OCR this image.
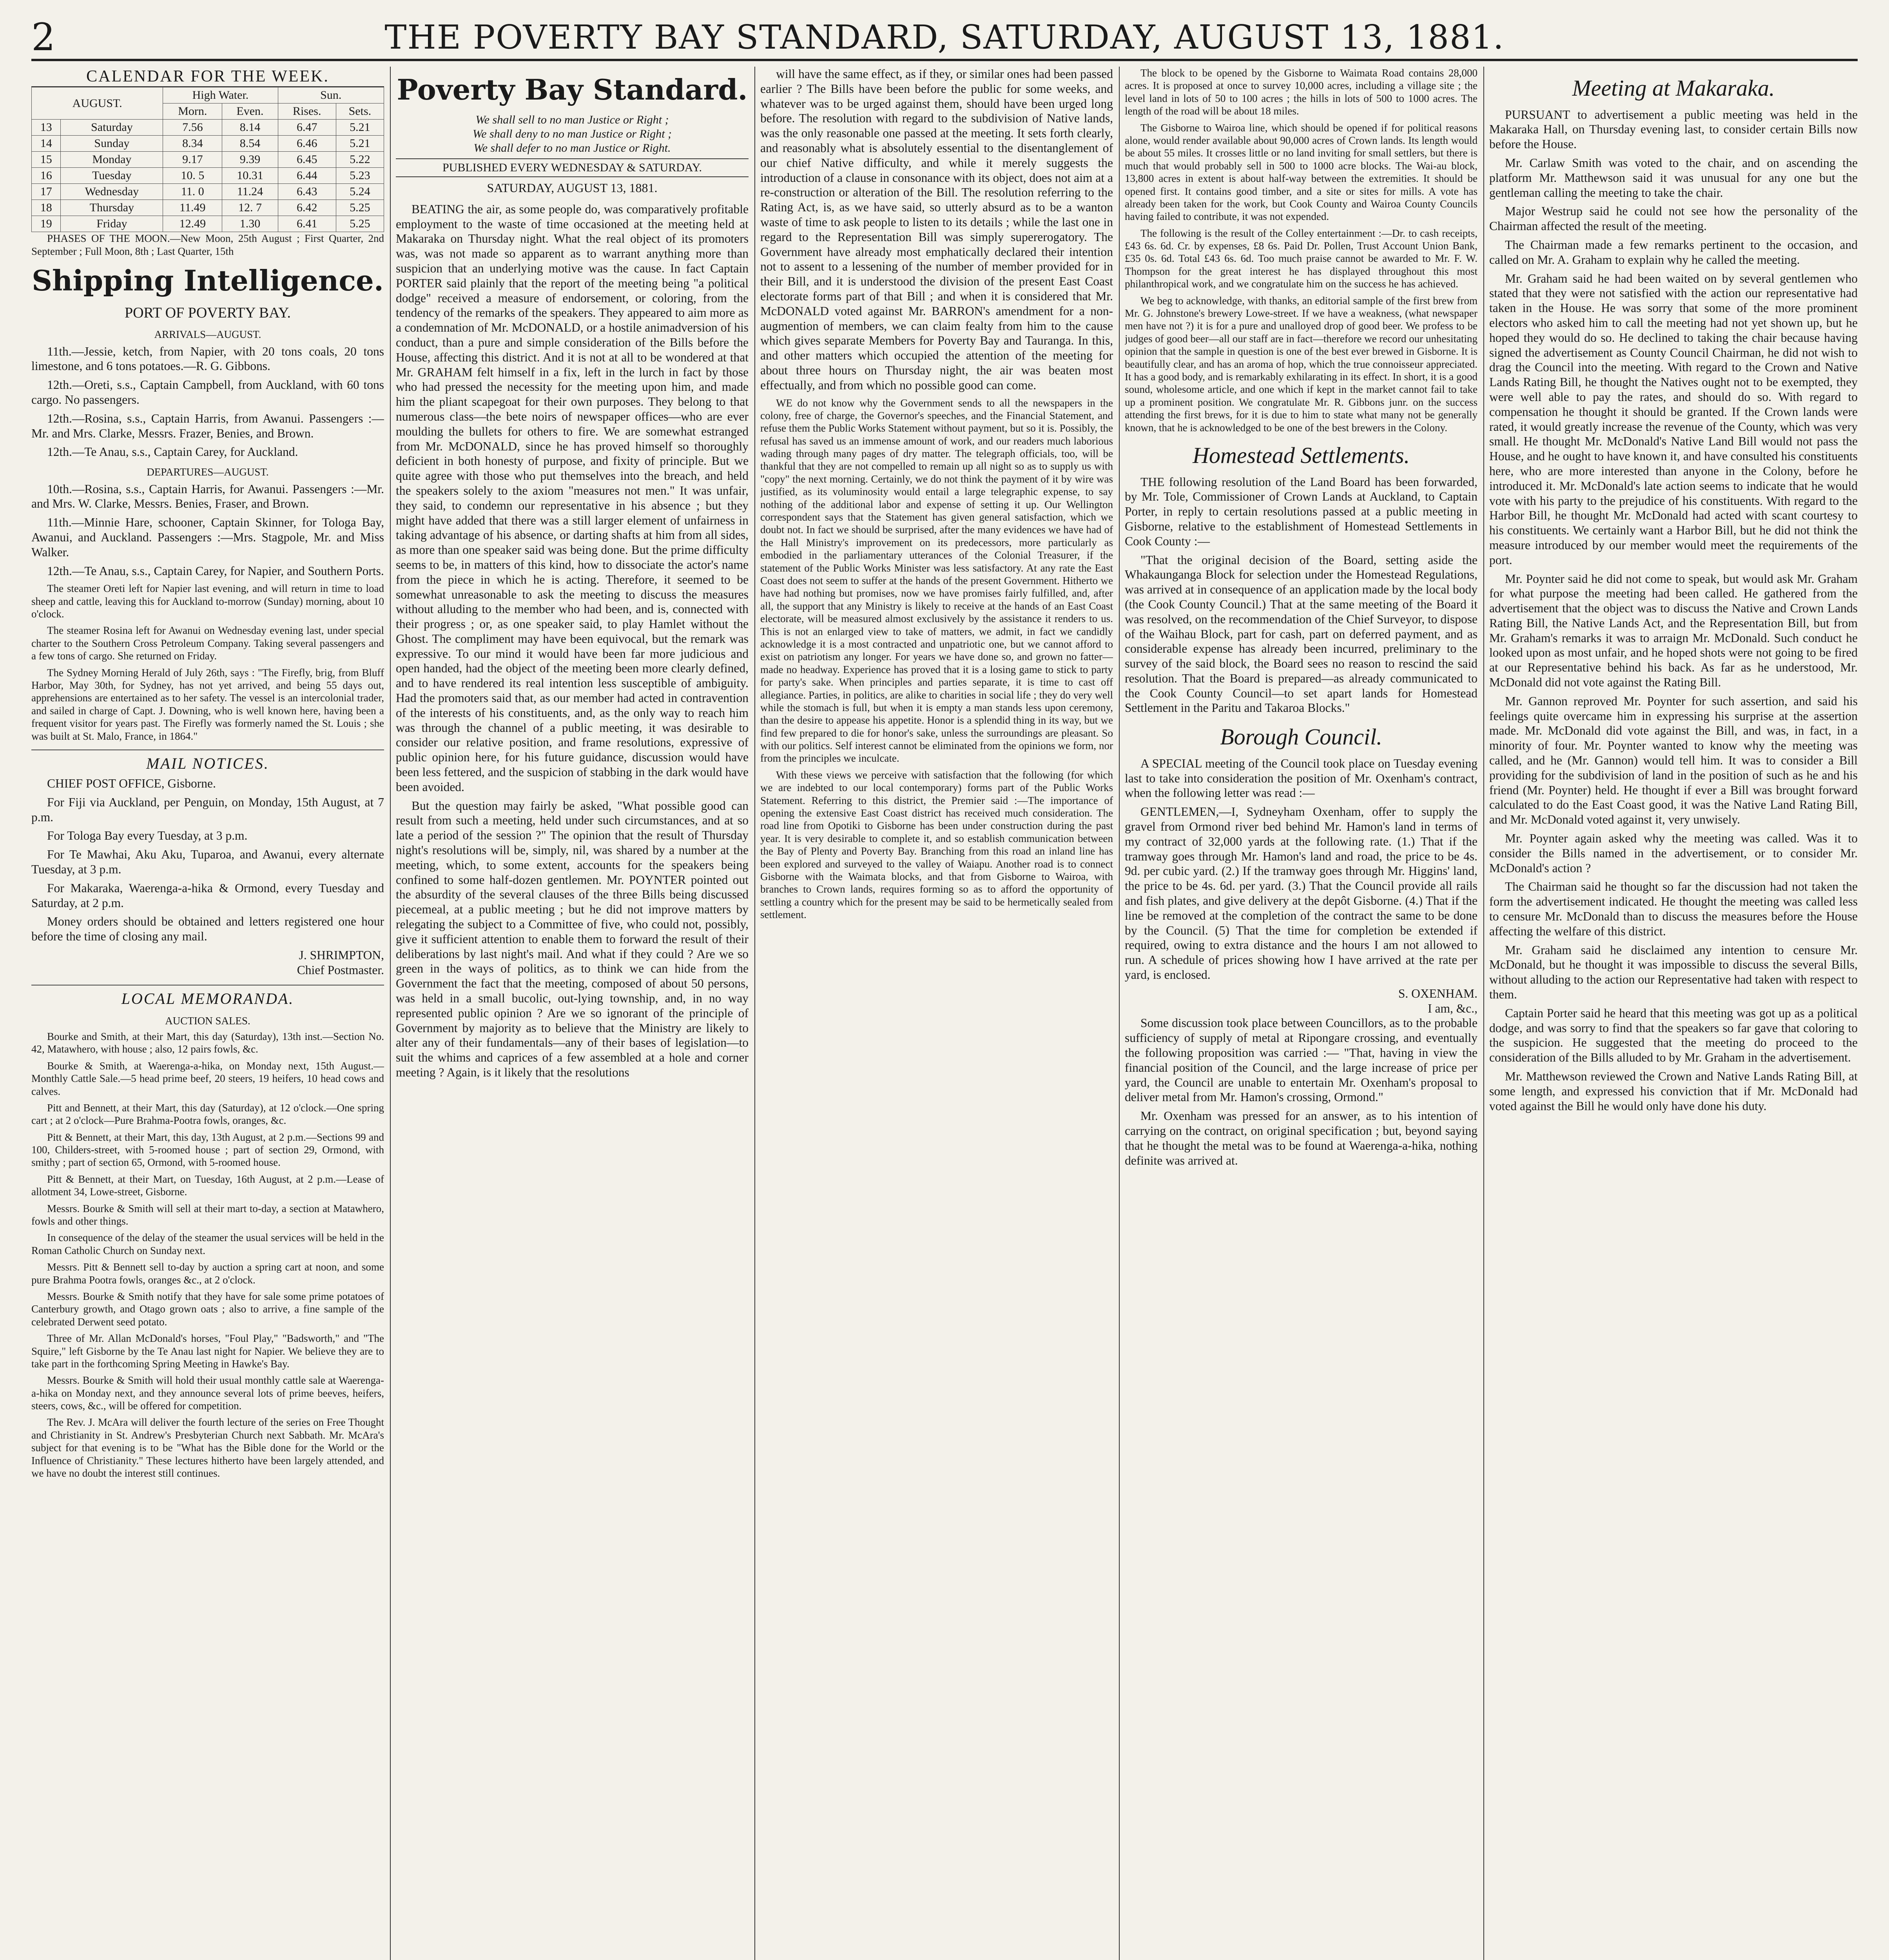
2	THE POVERTY BAY STANDARD, SATURDAY, AUGUST 13, 1881.
CALENDAR FOR THE WEEK.
AUGUST.		High Water.		Sun.	
		Morn.	Even.	Rises.	Sets.
13	Saturday	7.56	8.14	6.47	5.21
14	Sunday	8.34	8.54	6.46	5.21
15	Monday	9.17	9.39	6.45	5.22
16	Tuesday	10. 5	10.31	6.44	5.23
17	Wednesday	11. 0	11.24	6.43	5.24
18	Thursday	11.49	12. 7	6.42	5.25
19	Friday	12.49	1.30	6.41	5.25

PHASES OF THE MOON.—New Moon, 25th August ; First Quarter, 2nd September ; Full Moon, 8th ; Last Quarter, 15th

Shipping Intelligence.
PORT OF POVERTY BAY.
ARRIVALS—AUGUST.

11th.—Jessie, ketch, from Napier, with 20 tons coals, 20 tons limestone, and 6 tons potatoes.—R. G. Gibbons.

12th.—Oreti, s.s., Captain Campbell, from Auckland, with 60 tons cargo. No passengers.

12th.—Rosina, s.s., Captain Harris, from Awanui. Passengers :—Mr. and Mrs. Clarke, Messrs. Frazer, Benies, and Brown.

12th.—Te Anau, s.s., Captain Carey, for Auckland.

DEPARTURES—AUGUST.

10th.—Rosina, s.s., Captain Harris, for Awanui. Passengers :—Mr. and Mrs. W. Clarke, Messrs. Benies, Fraser, and Brown.

11th.—Minnie Hare, schooner, Captain Skinner, for Tologa Bay, Awanui, and Auckland. Passengers :—Mrs. Stagpole, Mr. and Miss Walker.

12th.—Te Anau, s.s., Captain Carey, for Napier, and Southern Ports.

The steamer Oreti left for Napier last evening, and will return in time to load sheep and cattle, leaving this for Auckland to-morrow (Sunday) morning, about 10 o'clock.

The steamer Rosina left for Awanui on Wednesday evening last, under special charter to the Southern Cross Petroleum Company. Taking several passengers and a few tons of cargo. She returned on Friday.

The Sydney Morning Herald of July 26th, says : "The Firefly, brig, from Bluff Harbor, May 30th, for Sydney, has not yet arrived, and being 55 days out, apprehensions are entertained as to her safety. The vessel is an intercolonial trader, and sailed in charge of Capt. J. Downing, who is well known here, having been a frequent visitor for years past. The Firefly was formerly named the St. Louis ; she was built at St. Malo, France, in 1864."

MAIL NOTICES.

CHIEF POST OFFICE, Gisborne.

For Fiji via Auckland, per Penguin, on Monday, 15th August, at 7 p.m.

For Tologa Bay every Tuesday, at 3 p.m.

For Te Mawhai, Aku Aku, Tuparoa, and Awanui, every alternate Tuesday, at 3 p.m.

For Makaraka, Waerenga-a-hika & Ormond, every Tuesday and Saturday, at 2 p.m.

Money orders should be obtained and letters registered one hour before the time of closing any mail.

J. SHRIMPTON,
Chief Postmaster.
LOCAL MEMORANDA.
AUCTION SALES.

Bourke and Smith, at their Mart, this day (Saturday), 13th inst.—Section No. 42, Matawhero, with house ; also, 12 pairs fowls, &c.

Bourke & Smith, at Waerenga-a-hika, on Monday next, 15th August.—Monthly Cattle Sale.—5 head prime beef, 20 steers, 19 heifers, 10 head cows and calves.

Pitt and Bennett, at their Mart, this day (Saturday), at 12 o'clock.—One spring cart ; at 2 o'clock—Pure Brahma-Pootra fowls, oranges, &c.

Pitt & Bennett, at their Mart, this day, 13th August, at 2 p.m.—Sections 99 and 100, Childers-street, with 5-roomed house ; part of section 29, Ormond, with smithy ; part of section 65, Ormond, with 5-roomed house.

Pitt & Bennett, at their Mart, on Tuesday, 16th August, at 2 p.m.—Lease of allotment 34, Lowe-street, Gisborne.

Messrs. Bourke & Smith will sell at their mart to-day, a section at Matawhero, fowls and other things.

In consequence of the delay of the steamer the usual services will be held in the Roman Catholic Church on Sunday next.

Messrs. Pitt & Bennett sell to-day by auction a spring cart at noon, and some pure Brahma Pootra fowls, oranges &c., at 2 o'clock.

Messrs. Bourke & Smith notify that they have for sale some prime potatoes of Canterbury growth, and Otago grown oats ; also to arrive, a fine sample of the celebrated Derwent seed potato.

Three of Mr. Allan McDonald's horses, "Foul Play," "Badsworth," and "The Squire," left Gisborne by the Te Anau last night for Napier. We believe they are to take part in the forthcoming Spring Meeting in Hawke's Bay.

Messrs. Bourke & Smith will hold their usual monthly cattle sale at Waerenga-a-hika on Monday next, and they announce several lots of prime beeves, heifers, steers, cows, &c., will be offered for competition.

The Rev. J. McAra will deliver the fourth lecture of the series on Free Thought and Christianity in St. Andrew's Presbyterian Church next Sabbath. Mr. McAra's subject for that evening is to be "What has the Bible done for the World or the Influence of Christianity." These lectures hitherto have been largely attended, and we have no doubt the interest still continues.

Poverty Bay Standard.
We shall sell to no man Justice or Right ;
We shall deny to no man Justice or Right ;
We shall defer to no man Justice or Right.
PUBLISHED EVERY WEDNESDAY & SATURDAY.
SATURDAY, AUGUST 13, 1881.

BEATING the air, as some people do, was comparatively profitable employment to the waste of time occasioned at the meeting held at Makaraka on Thursday night. What the real object of its promoters was, was not made so apparent as to warrant anything more than suspicion that an underlying motive was the cause. In fact Captain PORTER said plainly that the report of the meeting being "a political dodge" received a measure of endorsement, or coloring, from the tendency of the remarks of the speakers. They appeared to aim more as a condemnation of Mr. McDONALD, or a hostile animadversion of his conduct, than a pure and simple consideration of the Bills before the House, affecting this district. And it is not at all to be wondered at that Mr. GRAHAM felt himself in a fix, left in the lurch in fact by those who had pressed the necessity for the meeting upon him, and made him the pliant scapegoat for their own purposes. They belong to that numerous class—the bete noirs of newspaper offices—who are ever moulding the bullets for others to fire. We are somewhat estranged from Mr. McDONALD, since he has proved himself so thoroughly deficient in both honesty of purpose, and fixity of principle. But we quite agree with those who put themselves into the breach, and held the speakers solely to the axiom "measures not men." It was unfair, they said, to condemn our representative in his absence ; but they might have added that there was a still larger element of unfairness in taking advantage of his absence, or darting shafts at him from all sides, as more than one speaker said was being done. But the prime difficulty seems to be, in matters of this kind, how to dissociate the actor's name from the piece in which he is acting. Therefore, it seemed to be somewhat unreasonable to ask the meeting to discuss the measures without alluding to the member who had been, and is, connected with their progress ; or, as one speaker said, to play Hamlet without the Ghost. The compliment may have been equivocal, but the remark was expressive. To our mind it would have been far more judicious and open handed, had the object of the meeting been more clearly defined, and to have rendered its real intention less susceptible of ambiguity. Had the promoters said that, as our member had acted in contravention of the interests of his constituents, and, as the only way to reach him was through the channel of a public meeting, it was desirable to consider our relative position, and frame resolutions, expressive of public opinion here, for his future guidance, discussion would have been less fettered, and the suspicion of stabbing in the dark would have been avoided.

But the question may fairly be asked, "What possible good can result from such a meeting, held under such circumstances, and at so late a period of the session ?" The opinion that the result of Thursday night's resolutions will be, simply, nil, was shared by a number at the meeting, which, to some extent, accounts for the speakers being confined to some half-dozen gentlemen. Mr. POYNTER pointed out the absurdity of the several clauses of the three Bills being discussed piecemeal, at a public meeting ; but he did not improve matters by relegating the subject to a Committee of five, who could not, possibly, give it sufficient attention to enable them to forward the result of their deliberations by last night's mail. And what if they could ? Are we so green in the ways of politics, as to think we can hide from the Government the fact that the meeting, composed of about 50 persons, was held in a small bucolic, out-lying township, and, in no way represented public opinion ? Are we so ignorant of the principle of Government by majority as to believe that the Ministry are likely to alter any of their fundamentals—any of their bases of legislation—to suit the whims and caprices of a few assembled at a hole and corner meeting ? Again, is it likely that the resolutions

will have the same effect, as if they, or similar ones had been passed earlier ? The Bills have been before the public for some weeks, and whatever was to be urged against them, should have been urged long before. The resolution with regard to the subdivision of Native lands, was the only reasonable one passed at the meeting. It sets forth clearly, and reasonably what is absolutely essential to the disentanglement of our chief Native difficulty, and while it merely suggests the introduction of a clause in consonance with its object, does not aim at a re-construction or alteration of the Bill. The resolution referring to the Rating Act, is, as we have said, so utterly absurd as to be a wanton waste of time to ask people to listen to its details ; while the last one in regard to the Representation Bill was simply supererogatory. The Government have already most emphatically declared their intention not to assent to a lessening of the number of member provided for in their Bill, and it is understood the division of the present East Coast electorate forms part of that Bill ; and when it is considered that Mr. McDONALD voted against Mr. BARRON's amendment for a non-augmention of members, we can claim fealty from him to the cause which gives separate Members for Poverty Bay and Tauranga. In this, and other matters which occupied the attention of the meeting for about three hours on Thursday night, the air was beaten most effectually, and from which no possible good can come.

WE do not know why the Government sends to all the newspapers in the colony, free of charge, the Governor's speeches, and the Financial Statement, and refuse them the Public Works Statement without payment, but so it is. Possibly, the refusal has saved us an immense amount of work, and our readers much laborious wading through many pages of dry matter. The telegraph officials, too, will be thankful that they are not compelled to remain up all night so as to supply us with "copy" the next morning. Certainly, we do not think the payment of it by wire was justified, as its voluminosity would entail a large telegraphic expense, to say nothing of the additional labor and expense of setting it up. Our Wellington correspondent says that the Statement has given general satisfaction, which we doubt not. In fact we should be surprised, after the many evidences we have had of the Hall Ministry's improvement on its predecessors, more particularly as embodied in the parliamentary utterances of the Colonial Treasurer, if the statement of the Public Works Minister was less satisfactory. At any rate the East Coast does not seem to suffer at the hands of the present Government. Hitherto we have had nothing but promises, now we have promises fairly fulfilled, and, after all, the support that any Ministry is likely to receive at the hands of an East Coast electorate, will be measured almost exclusively by the assistance it renders to us. This is not an enlarged view to take of matters, we admit, in fact we candidly acknowledge it is a most contracted and unpatriotic one, but we cannot afford to exist on patriotism any longer. For years we have done so, and grown no fatter—made no headway. Experience has proved that it is a losing game to stick to party for party's sake. When principles and parties separate, it is time to cast off allegiance. Parties, in politics, are alike to charities in social life ; they do very well while the stomach is full, but when it is empty a man stands less upon ceremony, than the desire to appease his appetite. Honor is a splendid thing in its way, but we find few prepared to die for honor's sake, unless the surroundings are pleasant. So with our politics. Self interest cannot be eliminated from the opinions we form, nor from the principles we inculcate.

With these views we perceive with satisfaction that the following (for which we are indebted to our local contemporary) forms part of the Public Works Statement. Referring to this district, the Premier said :—The importance of opening the extensive East Coast district has received much consideration. The road line from Opotiki to Gisborne has been under construction during the past year. It is very desirable to complete it, and so establish communication between the Bay of Plenty and Poverty Bay. Branching from this road an inland line has been explored and surveyed to the valley of Waiapu. Another road is to connect Gisborne with the Waimata blocks, and that from Gisborne to Wairoa, with branches to Crown lands, requires forming so as to afford the opportunity of settling a country which for the present may be said to be hermetically sealed from settlement.

The block to be opened by the Gisborne to Waimata Road contains 28,000 acres. It is proposed at once to survey 10,000 acres, including a village site ; the level land in lots of 50 to 100 acres ; the hills in lots of 500 to 1000 acres. The length of the road will be about 18 miles.

The Gisborne to Wairoa line, which should be opened if for political reasons alone, would render available about 90,000 acres of Crown lands. Its length would be about 55 miles. It crosses little or no land inviting for small settlers, but there is much that would probably sell in 500 to 1000 acre blocks. The Wai-au block, 13,800 acres in extent is about half-way between the extremities. It should be opened first. It contains good timber, and a site or sites for mills. A vote has already been taken for the work, but Cook County and Wairoa County Councils having failed to contribute, it was not expended.

The following is the result of the Colley entertainment :—Dr. to cash receipts, £43 6s. 6d. Cr. by expenses, £8 6s. Paid Dr. Pollen, Trust Account Union Bank, £35 0s. 6d. Total £43 6s. 6d. Too much praise cannot be awarded to Mr. F. W. Thompson for the great interest he has displayed throughout this most philanthropical work, and we congratulate him on the success he has achieved.

We beg to acknowledge, with thanks, an editorial sample of the first brew from Mr. G. Johnstone's brewery Lowe-street. If we have a weakness, (what newspaper men have not ?) it is for a pure and unalloyed drop of good beer. We profess to be judges of good beer—all our staff are in fact—therefore we record our unhesitating opinion that the sample in question is one of the best ever brewed in Gisborne. It is beautifully clear, and has an aroma of hop, which the true connoisseur appreciated. It has a good body, and is remarkably exhilarating in its effect. In short, it is a good sound, wholesome article, and one which if kept in the market cannot fail to take up a prominent position. We congratulate Mr. R. Gibbons junr. on the success attending the first brews, for it is due to him to state what many not be generally known, that he is acknowledged to be one of the best brewers in the Colony.

Homestead Settlements.

THE following resolution of the Land Board has been forwarded, by Mr. Tole, Commissioner of Crown Lands at Auckland, to Captain Porter, in reply to certain resolutions passed at a public meeting in Gisborne, relative to the establishment of Homestead Settlements in Cook County :—

"That the original decision of the Board, setting aside the Whakaunganga Block for selection under the Homestead Regulations, was arrived at in consequence of an application made by the local body (the Cook County Council.) That at the same meeting of the Board it was resolved, on the recommendation of the Chief Surveyor, to dispose of the Waihau Block, part for cash, part on deferred payment, and as considerable expense has already been incurred, preliminary to the survey of the said block, the Board sees no reason to rescind the said resolution. That the Board is prepared—as already communicated to the Cook County Council—to set apart lands for Homestead Settlement in the Paritu and Takaroa Blocks."

Borough Council.

A SPECIAL meeting of the Council took place on Tuesday evening last to take into consideration the position of Mr. Oxenham's contract, when the following letter was read :—

GENTLEMEN,—I, Sydneyham Oxenham, offer to supply the gravel from Ormond river bed behind Mr. Hamon's land in terms of my contract of 32,000 yards at the following rate. (1.) That if the tramway goes through Mr. Hamon's land and road, the price to be 4s. 9d. per cubic yard. (2.) If the tramway goes through Mr. Higgins' land, the price to be 4s. 6d. per yard. (3.) That the Council provide all rails and fish plates, and give delivery at the depôt Gisborne. (4.) That if the line be removed at the completion of the contract the same to be done by the Council. (5) That the time for completion be extended if required, owing to extra distance and the hours I am not allowed to run. A schedule of prices showing how I have arrived at the rate per yard, is enclosed.

S. OXENHAM.
I am, &c.,

Some discussion took place between Councillors, as to the probable sufficiency of supply of metal at Ripongare crossing, and eventually the following proposition was carried :— "That, having in view the financial position of the Council, and the large increase of price per yard, the Council are unable to entertain Mr. Oxenham's proposal to deliver metal from Mr. Hamon's crossing, Ormond."

Mr. Oxenham was pressed for an answer, as to his intention of carrying on the contract, on original specification ; but, beyond saying that he thought the metal was to be found at Waerenga-a-hika, nothing definite was arrived at.

Meeting at Makaraka.

PURSUANT to advertisement a public meeting was held in the Makaraka Hall, on Thursday evening last, to consider certain Bills now before the House.

Mr. Carlaw Smith was voted to the chair, and on ascending the platform Mr. Matthewson said it was unusual for any one but the gentleman calling the meeting to take the chair.

Major Westrup said he could not see how the personality of the Chairman affected the result of the meeting.

The Chairman made a few remarks pertinent to the occasion, and called on Mr. A. Graham to explain why he called the meeting.

Mr. Graham said he had been waited on by several gentlemen who stated that they were not satisfied with the action our representative had taken in the House. He was sorry that some of the more prominent electors who asked him to call the meeting had not yet shown up, but he hoped they would do so. He declined to taking the chair because having signed the advertisement as County Council Chairman, he did not wish to drag the Council into the meeting. With regard to the Crown and Native Lands Rating Bill, he thought the Natives ought not to be exempted, they were well able to pay the rates, and should do so. With regard to compensation he thought it should be granted. If the Crown lands were rated, it would greatly increase the revenue of the County, which was very small. He thought Mr. McDonald's Native Land Bill would not pass the House, and he ought to have known it, and have consulted his constituents here, who are more interested than anyone in the Colony, before he introduced it. Mr. McDonald's late action seems to indicate that he would vote with his party to the prejudice of his constituents. With regard to the Harbor Bill, he thought Mr. McDonald had acted with scant courtesy to his constituents. We certainly want a Harbor Bill, but he did not think the measure introduced by our member would meet the requirements of the port.

Mr. Poynter said he did not come to speak, but would ask Mr. Graham for what purpose the meeting had been called. He gathered from the advertisement that the object was to discuss the Native and Crown Lands Rating Bill, the Native Lands Act, and the Representation Bill, but from Mr. Graham's remarks it was to arraign Mr. McDonald. Such conduct he looked upon as most unfair, and he hoped shots were not going to be fired at our Representative behind his back. As far as he understood, Mr. McDonald did not vote against the Rating Bill.

Mr. Gannon reproved Mr. Poynter for such assertion, and said his feelings quite overcame him in expressing his surprise at the assertion made. Mr. McDonald did vote against the Bill, and was, in fact, in a minority of four. Mr. Poynter wanted to know why the meeting was called, and he (Mr. Gannon) would tell him. It was to consider a Bill providing for the subdivision of land in the position of such as he and his friend (Mr. Poynter) held. He thought if ever a Bill was brought forward calculated to do the East Coast good, it was the Native Land Rating Bill, and Mr. McDonald voted against it, very unwisely.

Mr. Poynter again asked why the meeting was called. Was it to consider the Bills named in the advertisement, or to consider Mr. McDonald's action ?

The Chairman said he thought so far the discussion had not taken the form the advertisement indicated. He thought the meeting was called less to censure Mr. McDonald than to discuss the measures before the House affecting the welfare of this district.

Mr. Graham said he disclaimed any intention to censure Mr. McDonald, but he thought it was impossible to discuss the several Bills, without alluding to the action our Representative had taken with respect to them.

Captain Porter said he heard that this meeting was got up as a political dodge, and was sorry to find that the speakers so far gave that coloring to the suspicion. He suggested that the meeting do proceed to the consideration of the Bills alluded to by Mr. Graham in the advertisement.

Mr. Matthewson reviewed the Crown and Native Lands Rating Bill, at some length, and expressed his conviction that if Mr. McDonald had voted against the Bill he would only have done his duty.
